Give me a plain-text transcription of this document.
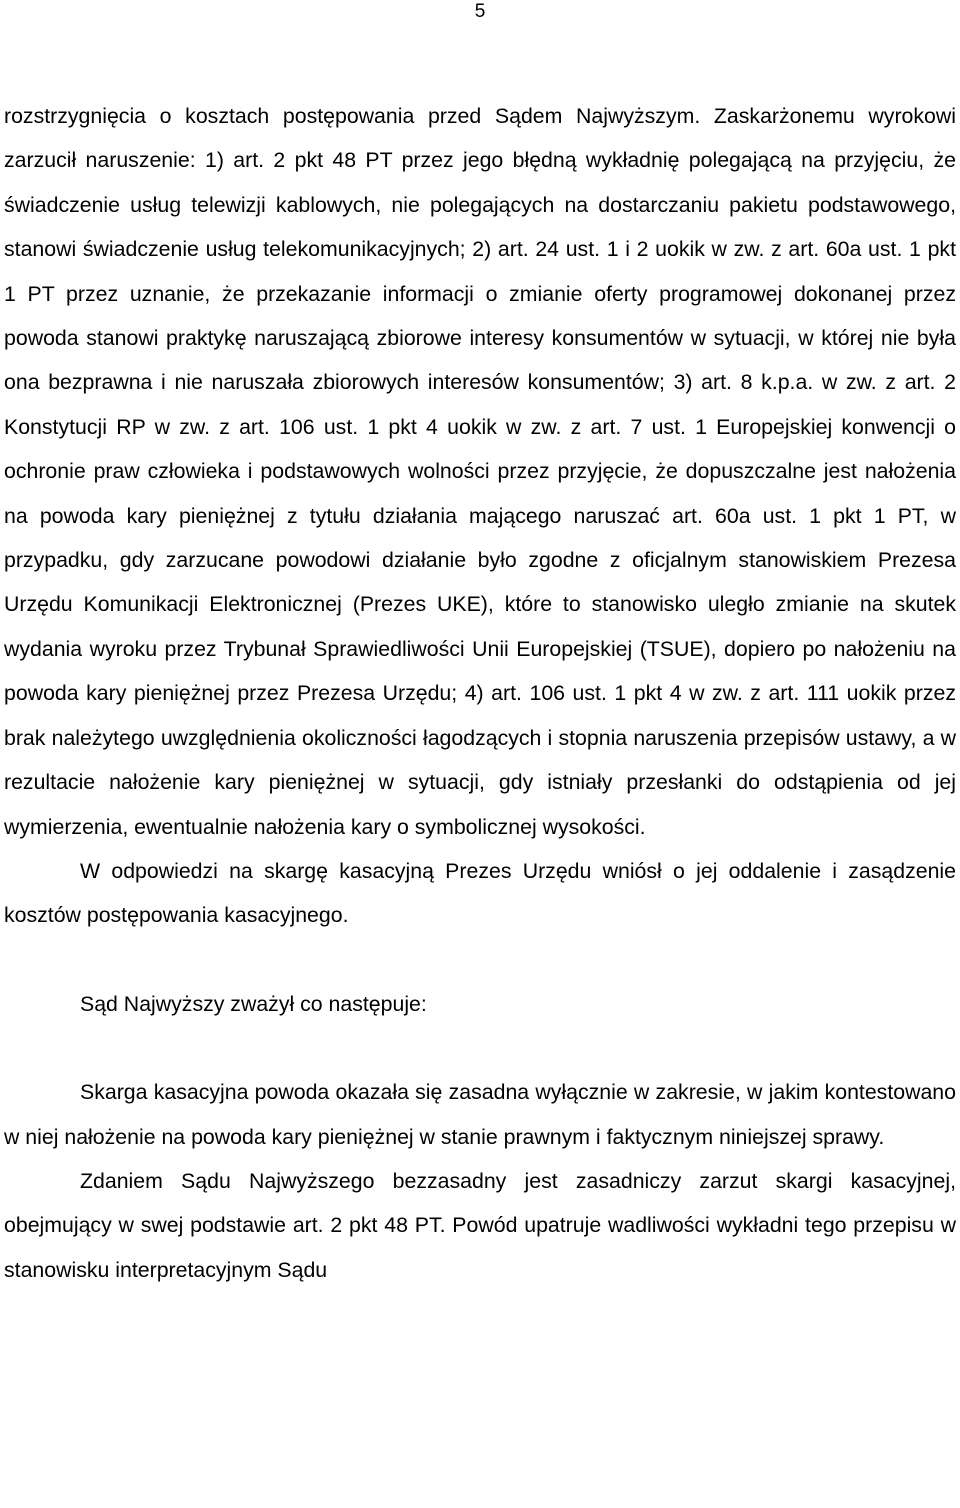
5

rozstrzygnięcia o kosztach postępowania przed Sądem Najwyższym. Zaskarżonemu wyrokowi zarzucił naruszenie: 1) art. 2 pkt 48 PT przez jego błędną wykładnię polegającą na przyjęciu, że świadczenie usług telewizji kablowych, nie polegających na dostarczaniu pakietu podstawowego, stanowi świadczenie usług telekomunikacyjnych; 2) art. 24 ust. 1 i 2 uokik w zw. z art. 60a ust. 1 pkt 1 PT przez uznanie, że przekazanie informacji o zmianie oferty programowej dokonanej przez powoda stanowi praktykę naruszającą zbiorowe interesy konsumentów w sytuacji, w której nie była ona bezprawna i nie naruszała zbiorowych interesów konsumentów; 3) art. 8 k.p.a. w zw. z art. 2 Konstytucji RP w zw. z art. 106 ust. 1 pkt 4 uokik w zw. z art. 7 ust. 1 Europejskiej konwencji o ochronie praw człowieka i podstawowych wolności przez przyjęcie, że dopuszczalne jest nałożenia na powoda kary pieniężnej z tytułu działania mającego naruszać art. 60a ust. 1 pkt 1 PT, w przypadku, gdy zarzucane powodowi działanie było zgodne z oficjalnym stanowiskiem Prezesa Urzędu Komunikacji Elektronicznej (Prezes UKE), które to stanowisko uległo zmianie na skutek wydania wyroku przez Trybunał Sprawiedliwości Unii Europejskiej (TSUE), dopiero po nałożeniu na powoda kary pieniężnej przez Prezesa Urzędu; 4) art. 106 ust. 1 pkt 4 w zw. z art. 111 uokik przez brak należytego uwzględnienia okoliczności łagodzących i stopnia naruszenia przepisów ustawy, a w rezultacie nałożenie kary pieniężnej w sytuacji, gdy istniały przesłanki do odstąpienia od jej wymierzenia, ewentualnie nałożenia kary o symbolicznej wysokości.

W odpowiedzi na skargę kasacyjną Prezes Urzędu wniósł o jej oddalenie i zasądzenie kosztów postępowania kasacyjnego.

Sąd Najwyższy zważył co następuje:

Skarga kasacyjna powoda okazała się zasadna wyłącznie w zakresie, w jakim kontestowano w niej nałożenie na powoda kary pieniężnej w stanie prawnym i faktycznym niniejszej sprawy.

Zdaniem Sądu Najwyższego bezzasadny jest zasadniczy zarzut skargi kasacyjnej, obejmujący w swej podstawie art. 2 pkt 48 PT. Powód upatruje wadliwości wykładni tego przepisu w stanowisku interpretacyjnym Sądu
